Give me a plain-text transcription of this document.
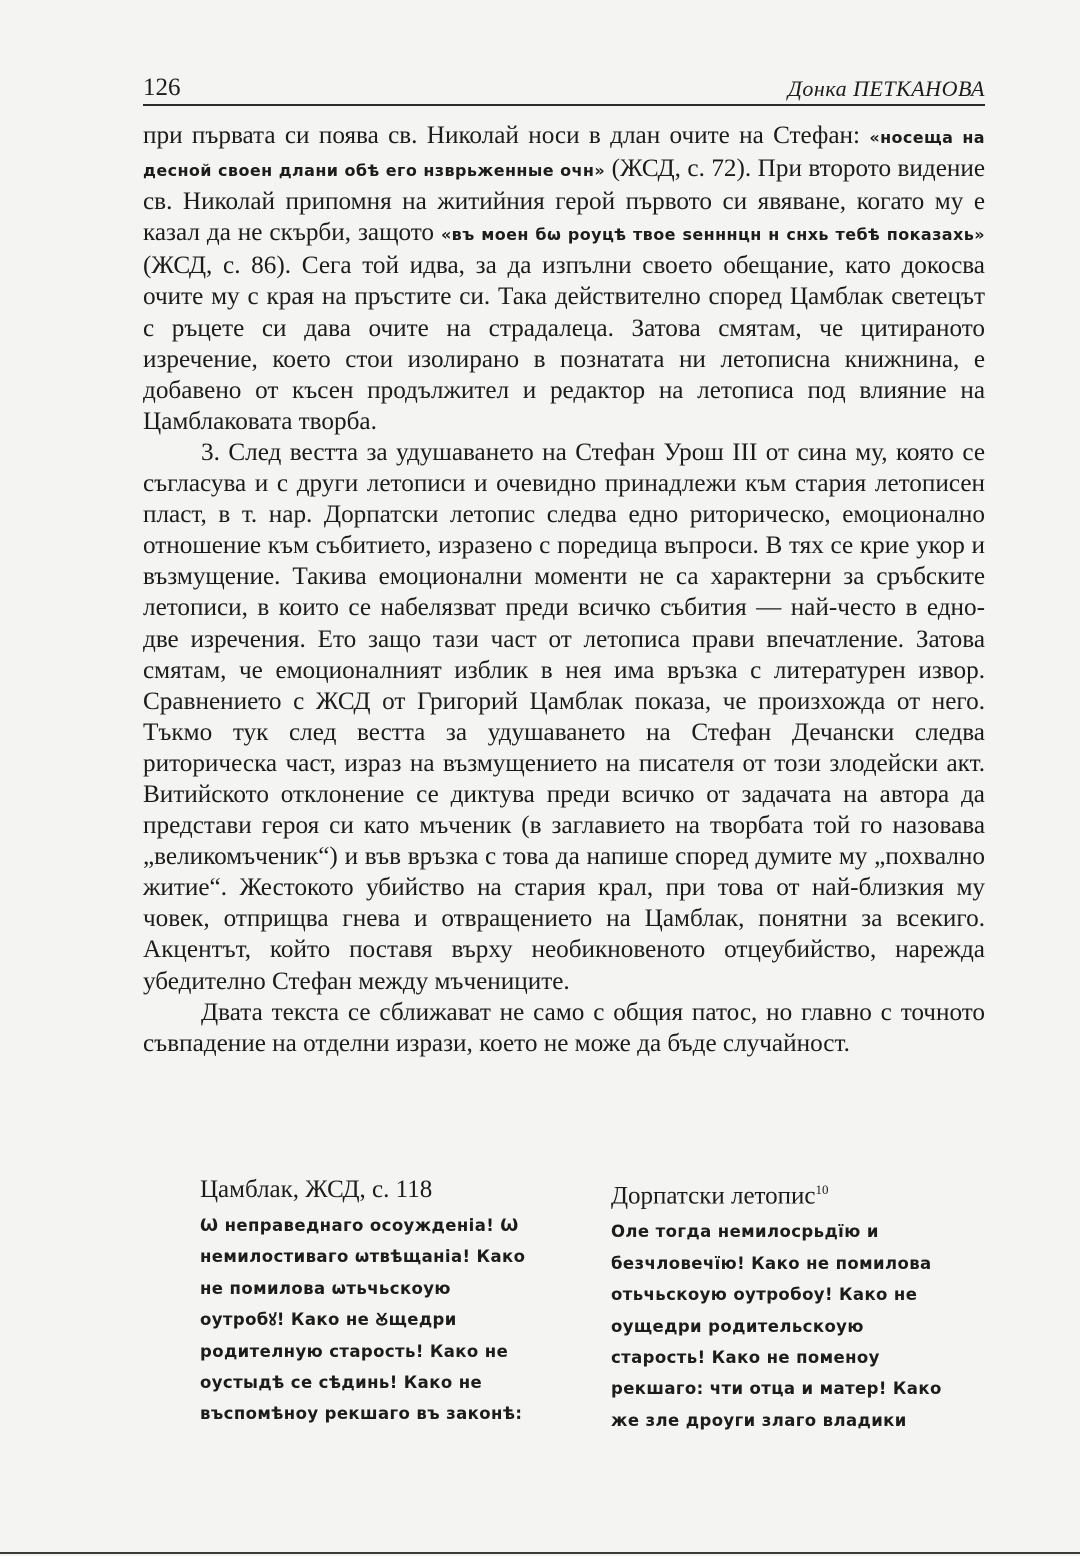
126	Донка ПЕТКАНОВА

при първата си поява св. Николай носи в длан очите на Стефан: «носеща на десной своен длани обѣ его нзврьженные очн» (ЖСД, с. 72). При второто видение св. Николай припомня на житийния герой първото си явяване, когато му е казал да не скърби, защото «въ моен бѡ роуцѣ твое ѕенннцн н снхь тебѣ показахь» (ЖСД, с. 86). Сега той идва, за да изпълни своето обещание, като докосва очите му с края на пръстите си. Така действително според Цамблак светецът с ръцете си дава очите на страдалеца. Затова смятам, че цитираното изречение, което стои изолирано в познатата ни летописна книжнина, е добавено от късен продължител и редактор на летописа под влияние на Цамблаковата творба.

3. След вестта за удушаването на Стефан Урош III от сина му, която се съгласува и с други летописи и очевидно принадлежи към стария летописен пласт, в т. нар. Дорпатски летопис следва едно риторическо, емоционално отношение към събитието, изразено с поредица въпроси. В тях се крие укор и възмущение. Такива емоционални моменти не са характерни за сръбските летописи, в които се набелязват преди всичко събития — най-често в едно-две изречения. Ето защо тази част от летописа прави впечатление. Затова смятам, че емоционалният изблик в нея има връзка с литературен извор. Сравнението с ЖСД от Григорий Цамблак показа, че произхожда от него. Тъкмо тук след вестта за удушаването на Стефан Дечански следва риторическа част, израз на възмущението на писателя от този злодейски акт. Витийското отклонение се диктува преди всичко от задачата на автора да представи героя си като мъченик (в заглавието на творбата той го назовава „великомъченик“) и във връзка с това да напише според думите му „похвално житие“. Жестокото убийство на стария крал, при това от най-близкия му човек, отприщва гнева и отвращението на Цамблак, понятни за всекиго. Акцентът, който поставя върху необикновеното отцеубийство, нарежда убедително Стефан между мъчениците.

Двата текста се сближават не само с общия патос, но главно с точното съвпадение на отделни изрази, което не може да бъде случайност.

Цамблак, ЖСД, с. 118
Ѡ неправеднаго осоужденіа! Ѡ
немилостиваго ѡтвѣщаніа! Како
не помилова ѡтьчьскоую
оутробꙋ! Како не Ꙋщедри
родителную старость! Како не
оустыдѣ се сѣдинь! Како не
въспомѣноу рекшаго въ законѣ:
Дорпатски летопис$^{10}$
Оле тогда немилосрьдїю и
безчловечїю! Како не помилова
отьчьскоую оутробоу! Како не
оущедри родительскоую
старость! Како не поменоу
рекшаго: чти отца и матер! Како
же зле дроуги злаго владики
